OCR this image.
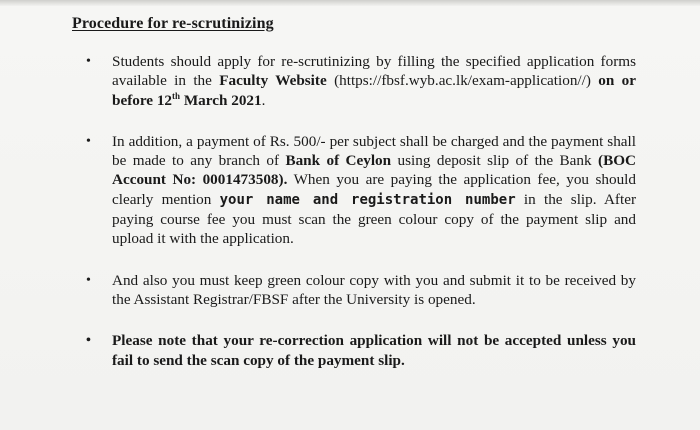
Procedure for re-scrutinizing
• Students should apply for re-scrutinizing by filling the specified application forms available in the Faculty Website (https://fbsf.wyb.ac.lk/exam-application//) on or before 12th March 2021.
• In addition, a payment of Rs. 500/- per subject shall be charged and the payment shall be made to any branch of Bank of Ceylon using deposit slip of the Bank (BOC Account No: 0001473508). When you are paying the application fee, you should clearly mention your name and registration number in the slip. After paying course fee you must scan the green colour copy of the payment slip and upload it with the application.
• And also you must keep green colour copy with you and submit it to be received by the Assistant Registrar/FBSF after the University is opened.
• Please note that your re-correction application will not be accepted unless you fail to send the scan copy of the payment slip.
